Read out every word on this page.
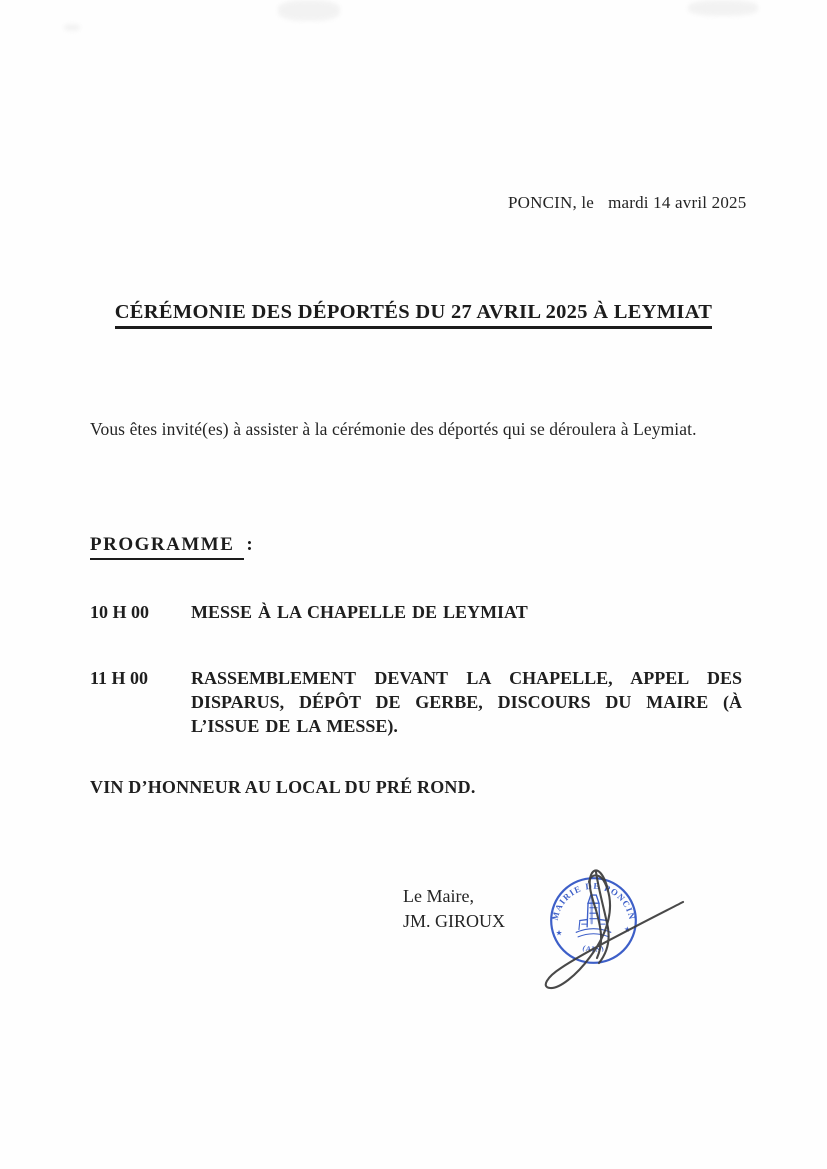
PONCIN, le mardi 14 avril 2025
CÉRÉMONIE DES DÉPORTÉS DU 27 AVRIL 2025 À LEYMIAT

Vous êtes invité(es) à assister à la cérémonie des déportés qui se déroulera à Leymiat.

PROGRAMME :
10 H 00	MESSE À LA CHAPELLE DE LEYMIAT
11 H 00	RASSEMBLEMENT DEVANT LA CHAPELLE, APPEL DES DISPARUS, DÉPÔT DE GERBE, DISCOURS DU MAIRE (À L’ISSUE DE LA MESSE).
VIN D’HONNEUR AU LOCAL DU PRÉ ROND.
Le Maire,
JM. GIROUX	MAIRIE DE PONCIN
(AIN)
★
★
